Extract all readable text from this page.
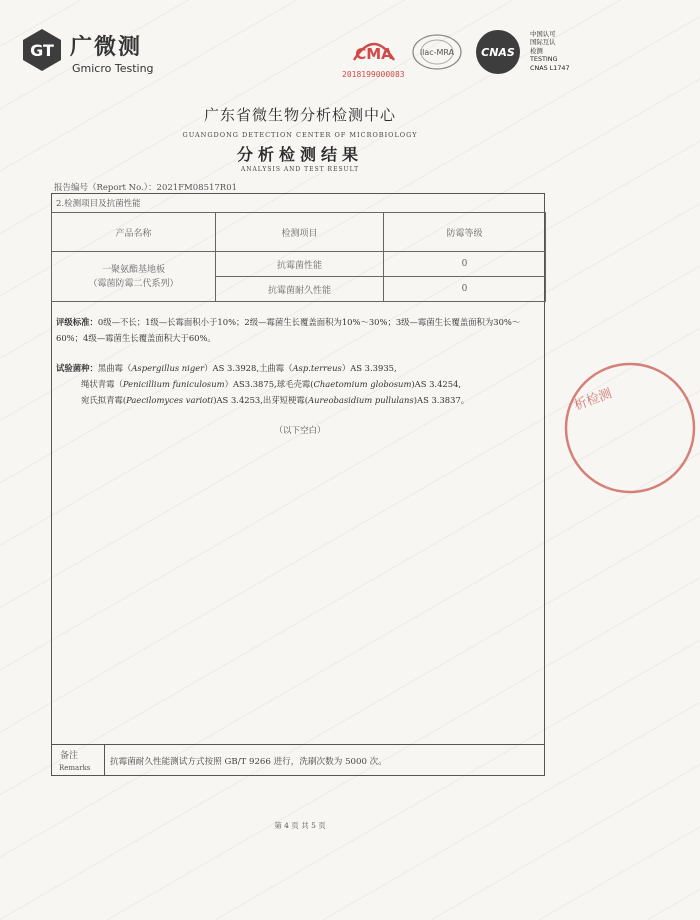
GT 广微测
Gmicro Testing
CMA
2018199000083
ilac-MRA CNAS
中国认可
国际互认
检测
TESTING
CNAS L1747
广东省微生物分析检测中心
GUANGDONG DETECTION CENTER OF MICROBIOLOGY
分析检测结果
ANALYSIS AND TEST RESULT
报告编号（Report No.）：2021FM08517R01
2.检测项目及抗菌性能
产品名称	检测项目	防霉等级

一聚氨酯基地板
（霉菌防霉二代系列）	抗霉菌性能	0
	抗霉菌耐久性能	0
评级标准：0级—不长；1级—长霉面积小于10%；2级—霉菌生长覆盖面积为10%～30%；3级—霉菌生长覆盖面积为30%～60%；4级—霉菌生长覆盖面积大于60%。
试验菌种：黑曲霉（Aspergillus niger）AS 3.3928,土曲霉（Asp.terreus）AS 3.3935,
绳状青霉（Penicillium funiculosum）AS3.3875,球毛壳霉(Chaetomium globosum)AS 3.4254,
宛氏拟青霉(Paecilomyces varioti)AS 3.4253,出芽短梗霉(Aureobasidium pullulans)AS 3.3837。
（以下空白）
备注
Remarks
抗霉菌耐久性能测试方式按照 GB/T 9266 进行，洗刷次数为 5000 次。
第 4 页 共 5 页
析检测
